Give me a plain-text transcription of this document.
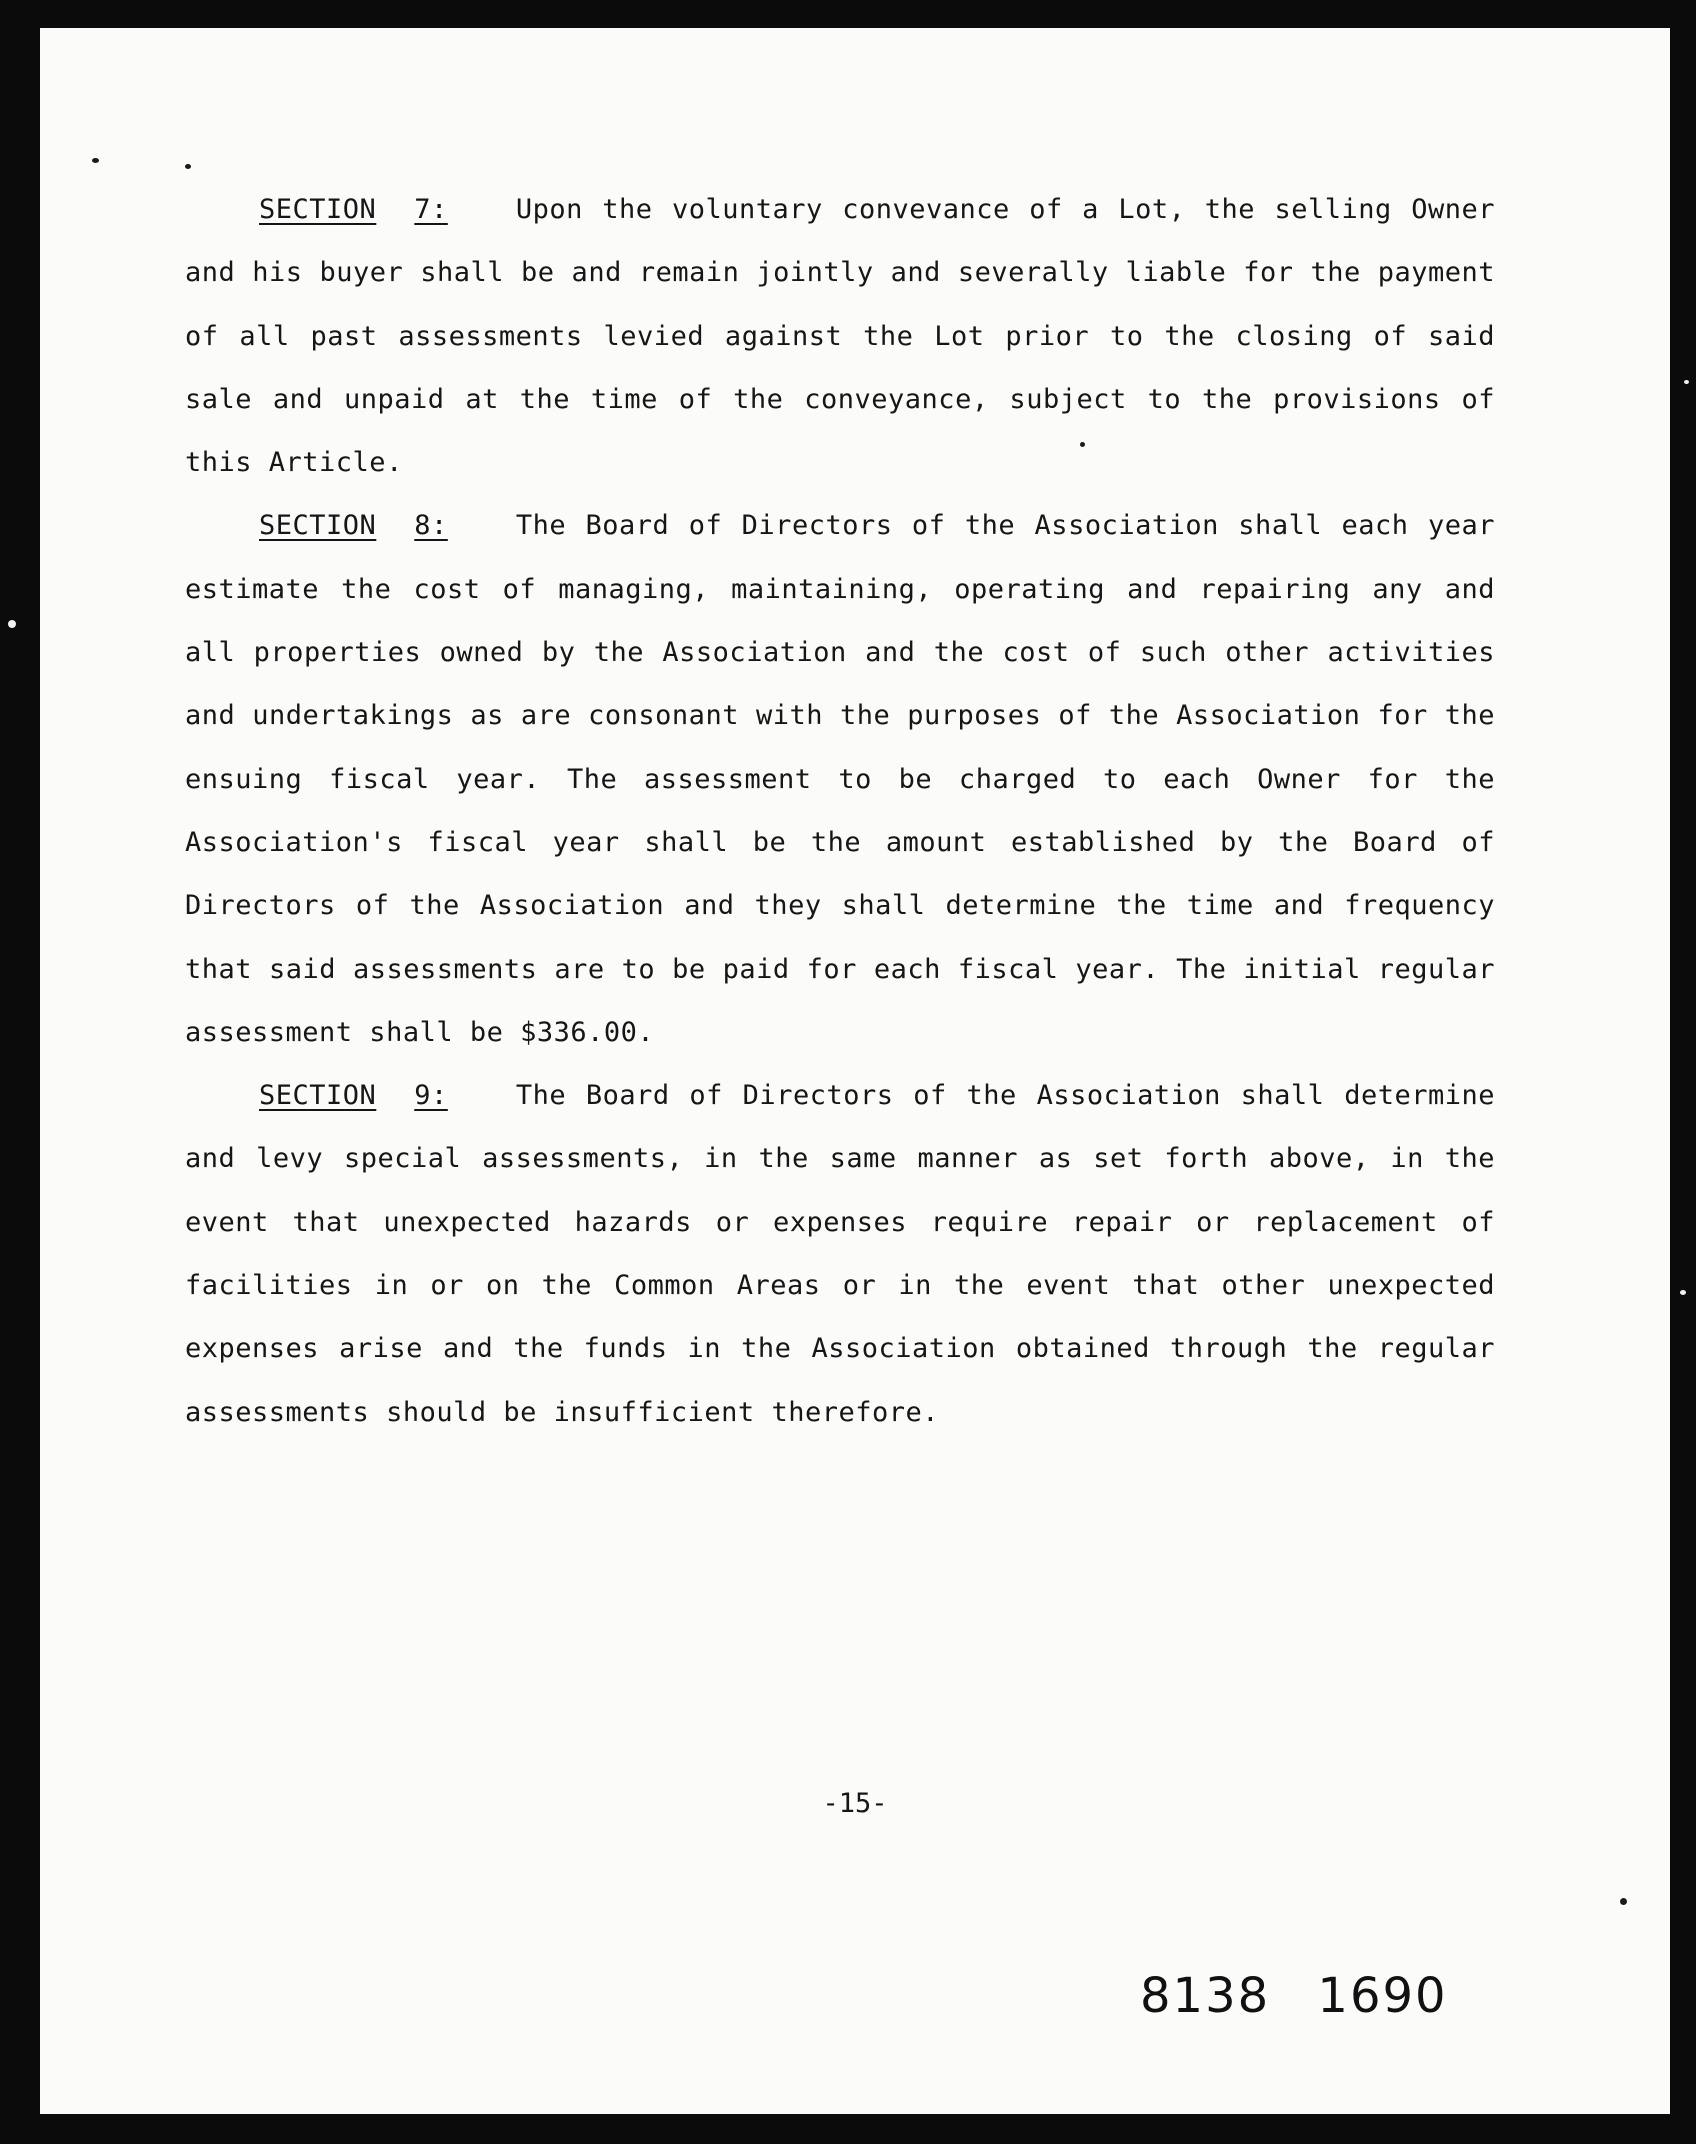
SECTION 7:	Upon the voluntary convevance of a Lot, the selling Owner and his buyer shall be and remain jointly and severally liable for the payment of all past assessments levied against the Lot prior to the closing of said sale and unpaid at the time of the conveyance, subject to the provisions of this Article.

SECTION 8:	The Board of Directors of the Association shall each year estimate the cost of managing, maintaining, operating and repairing any and all properties owned by the Association and the cost of such other activities and undertakings as are consonant with the purposes of the Association for the ensuing fiscal year. The assessment to be charged to each Owner for the Association's fiscal year shall be the amount established by the Board of Directors of the Association and they shall determine the time and frequency that said assessments are to be paid for each fiscal year. The initial regular assessment shall be $336.00.

SECTION 9:	The Board of Directors of the Association shall determine and levy special assessments, in the same manner as set forth above, in the event that unexpected hazards or expenses require repair or replacement of facilities in or on the Common Areas or in the event that other unexpected expenses arise and the funds in the Association obtained through the regular assessments should be insufficient therefore.

-15-
8138 1690
